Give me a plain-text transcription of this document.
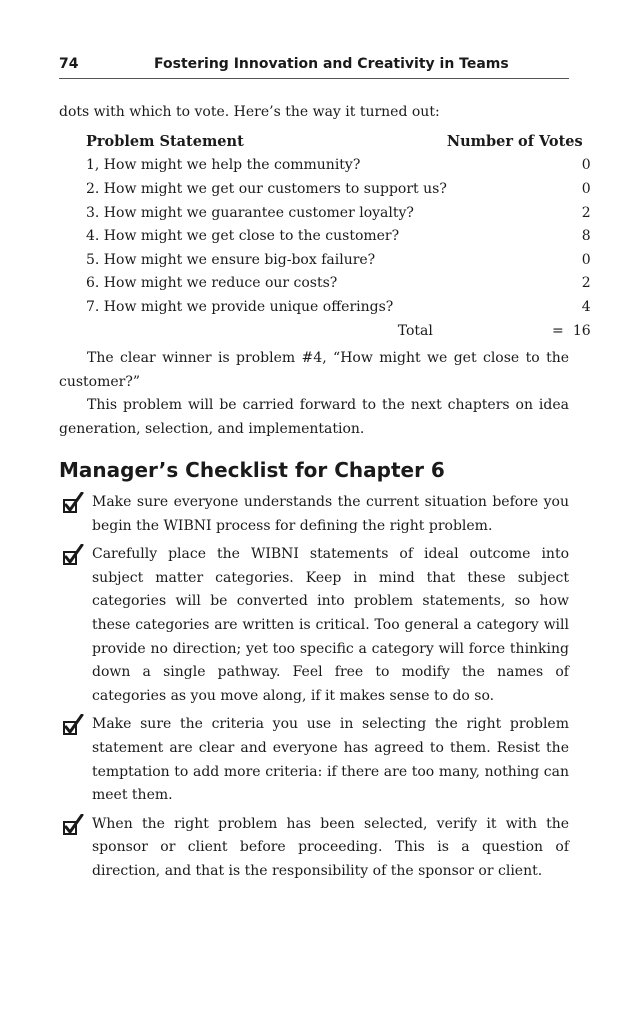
74	Fostering Innovation and Creativity in Teams
dots with which to vote. Here’s the way it turned out:
Problem Statement	Number of Votes
1, How might we help the community?	0
2. How might we get our customers to support us?	0
3. How might we guarantee customer loyalty?	2
4. How might we get close to the customer?	8
5. How might we ensure big-box failure?	0
6. How might we reduce our costs?	2
7. How might we provide unique offerings?	4
Total	= 16

The clear winner is problem #4, “How might we get close to the customer?”

This problem will be carried forward to the next chapters on idea generation, selection, and implementation.

Manager’s Checklist for Chapter 6
Make sure everyone understands the current situation before you begin the WIBNI process for defining the right problem.
Carefully place the WIBNI statements of ideal outcome into subject matter categories. Keep in mind that these subject categories will be converted into problem statements, so how these categories are written is critical. Too general a category will provide no direction; yet too specific a category will force thinking down a single pathway. Feel free to modify the names of categories as you move along, if it makes sense to do so.
Make sure the criteria you use in selecting the right problem statement are clear and everyone has agreed to them. Resist the temptation to add more criteria: if there are too many, nothing can meet them.
When the right problem has been selected, verify it with the sponsor or client before proceeding. This is a question of direction, and that is the responsibility of the sponsor or client.
